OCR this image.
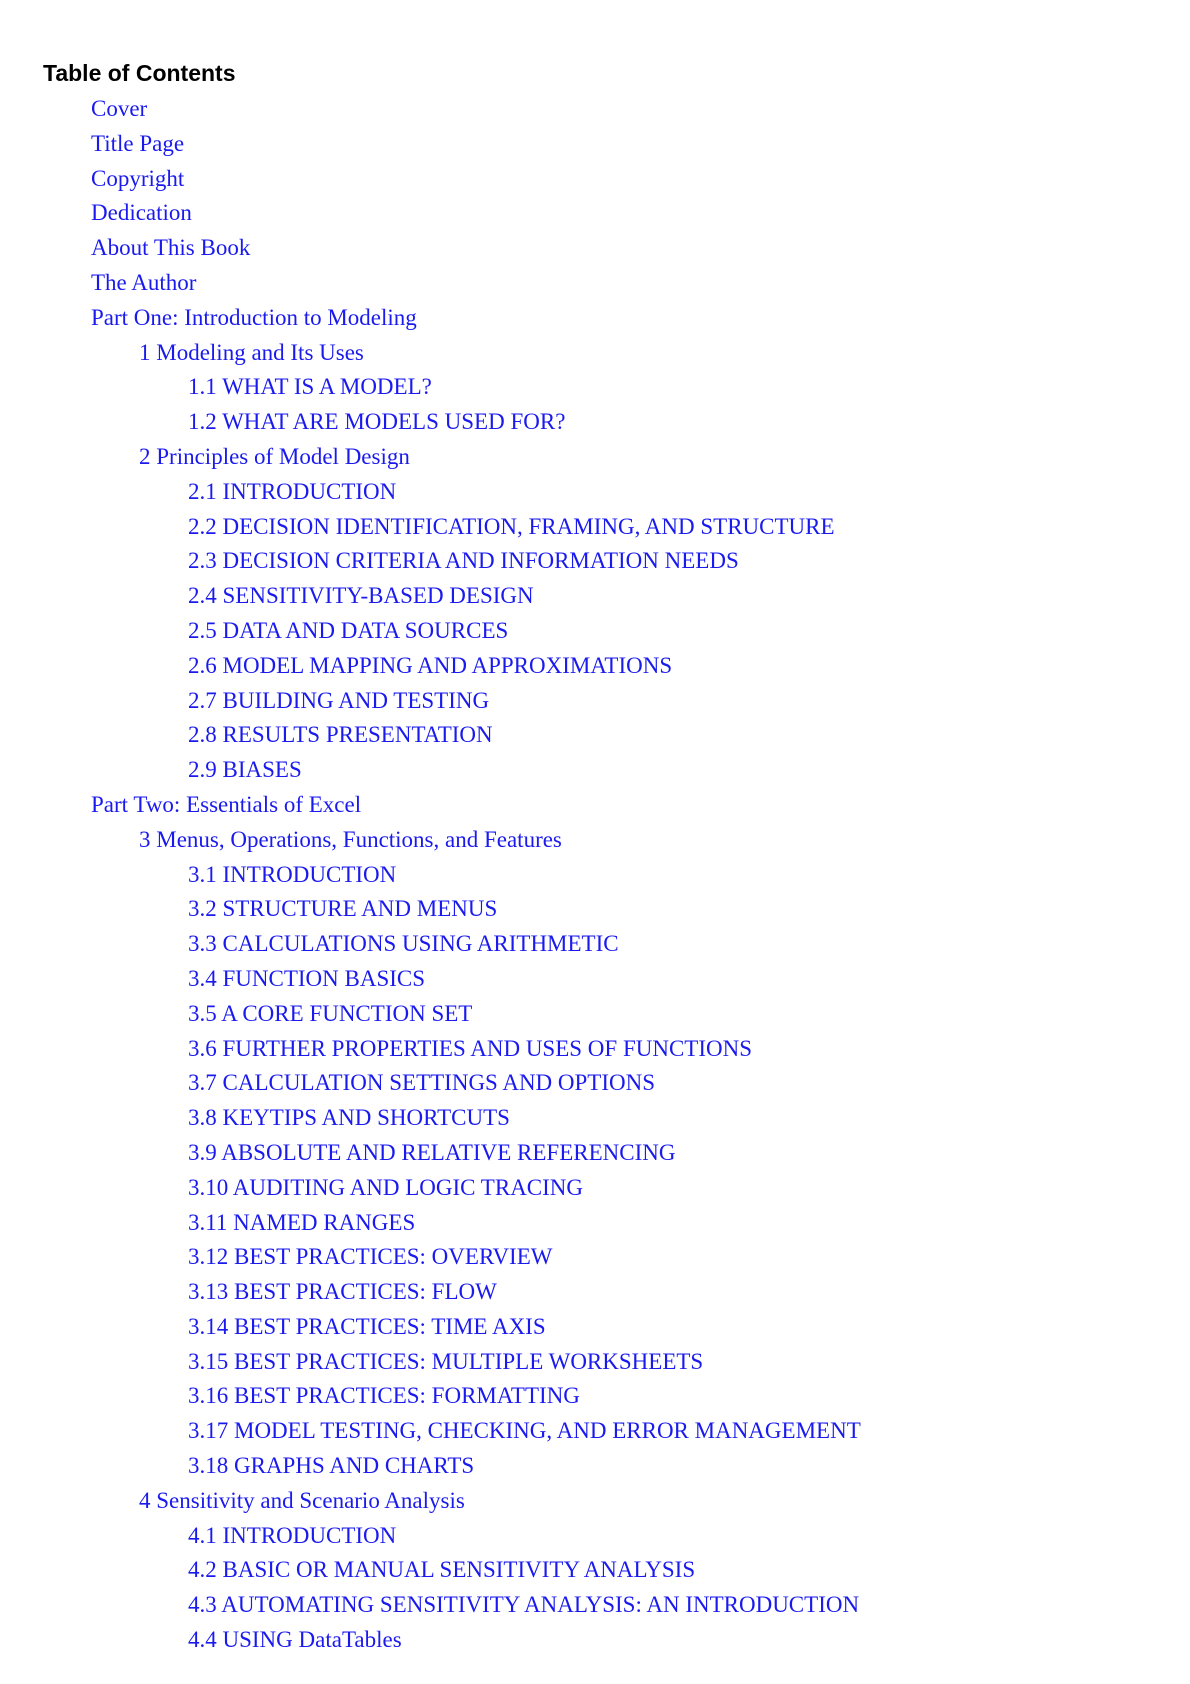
Table of Contents
Cover
Title Page
Copyright
Dedication
About This Book
The Author
Part One: Introduction to Modeling
1 Modeling and Its Uses
1.1 WHAT IS A MODEL?
1.2 WHAT ARE MODELS USED FOR?
2 Principles of Model Design
2.1 INTRODUCTION
2.2 DECISION IDENTIFICATION, FRAMING, AND STRUCTURE
2.3 DECISION CRITERIA AND INFORMATION NEEDS
2.4 SENSITIVITY-BASED DESIGN
2.5 DATA AND DATA SOURCES
2.6 MODEL MAPPING AND APPROXIMATIONS
2.7 BUILDING AND TESTING
2.8 RESULTS PRESENTATION
2.9 BIASES
Part Two: Essentials of Excel
3 Menus, Operations, Functions, and Features
3.1 INTRODUCTION
3.2 STRUCTURE AND MENUS
3.3 CALCULATIONS USING ARITHMETIC
3.4 FUNCTION BASICS
3.5 A CORE FUNCTION SET
3.6 FURTHER PROPERTIES AND USES OF FUNCTIONS
3.7 CALCULATION SETTINGS AND OPTIONS
3.8 KEYTIPS AND SHORTCUTS
3.9 ABSOLUTE AND RELATIVE REFERENCING
3.10 AUDITING AND LOGIC TRACING
3.11 NAMED RANGES
3.12 BEST PRACTICES: OVERVIEW
3.13 BEST PRACTICES: FLOW
3.14 BEST PRACTICES: TIME AXIS
3.15 BEST PRACTICES: MULTIPLE WORKSHEETS
3.16 BEST PRACTICES: FORMATTING
3.17 MODEL TESTING, CHECKING, AND ERROR MANAGEMENT
3.18 GRAPHS AND CHARTS
4 Sensitivity and Scenario Analysis
4.1 INTRODUCTION
4.2 BASIC OR MANUAL SENSITIVITY ANALYSIS
4.3 AUTOMATING SENSITIVITY ANALYSIS: AN INTRODUCTION
4.4 USING DataTables
